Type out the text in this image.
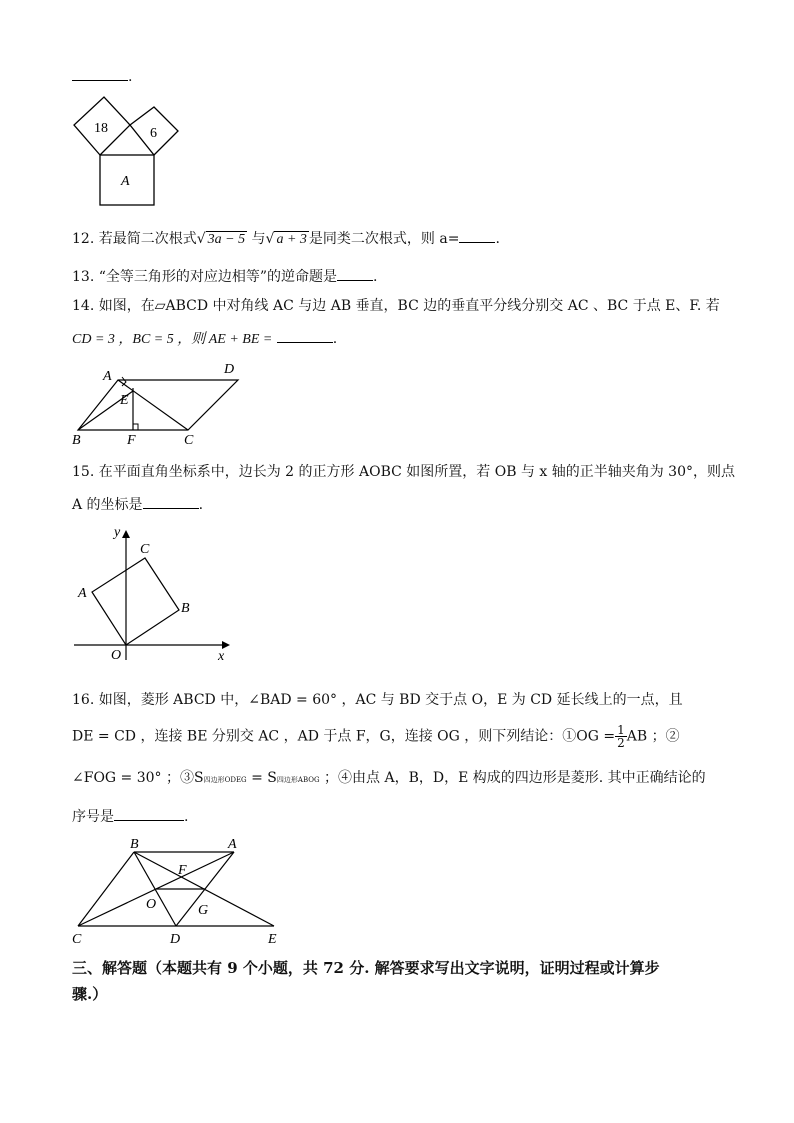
.
18	6
A
12. 若最简二次根式√ 3a − 5 与√ a + 3 是同类二次根式，则 a=	.
13. “全等三角形的对应边相等”的逆命题是	.
14. 如图，在▱ABCD 中对角线 AC 与边 AB 垂直，BC 边的垂直平分线分别交 AC 、BC 于点 E、F. 若
CD = 3 ，BC = 5 ，则 AE + BE =	.
A	D
E
B	F	C
15. 在平面直角坐标系中，边长为 2 的正方形 AOBC 如图所置，若 OB 与 x 轴的正半轴夹角为 30°，则点
A 的坐标是	.
y
x
C
A
B
O
16. 如图，菱形 ABCD 中，∠BAD = 60° ，AC 与 BD 交于点 O，E 为 CD 延长线上的一点，且
DE = CD ，连接 BE 分别交 AC ，AD 于点 F，G，连接 OG ，则下列结论：①OG = $\frac{1}{2}$ AB ；②
∠FOG = 30° ；③S四边形ODEG = S四边形ABOG ；④由点 A，B，D，E 构成的四边形是菱形. 其中正确结论的
序号是	.
B	A
F
O	G
C	D	E
三、解答题（本题共有 9 个小题，共 72 分. 解答要求写出文字说明，证明过程或计算步
骤.）
